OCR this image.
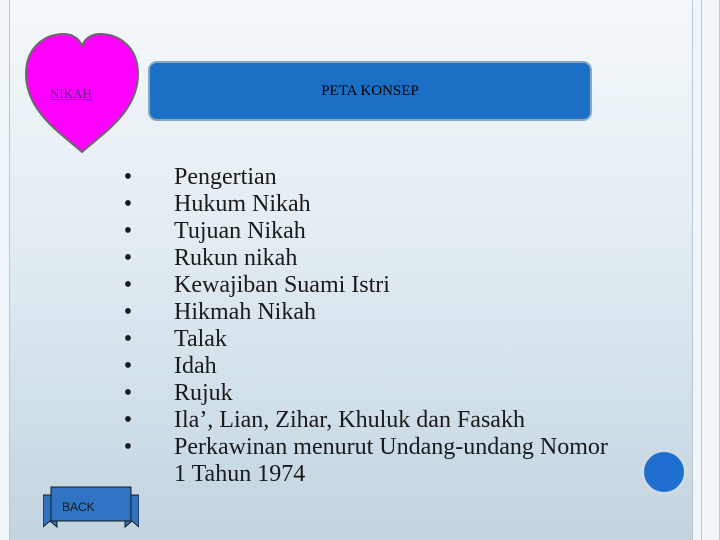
NIKAH	PETA KONSEP
• Pengertian
• Hukum Nikah
• Tujuan Nikah
• Rukun nikah
• Kewajiban Suami Istri
• Hikmah Nikah
• Talak
• Idah
• Rujuk
• Ila’, Lian, Zihar, Khuluk dan Fasakh
• Perkawinan menurut Undang-undang Nomor 1 Tahun 1974
BACK
